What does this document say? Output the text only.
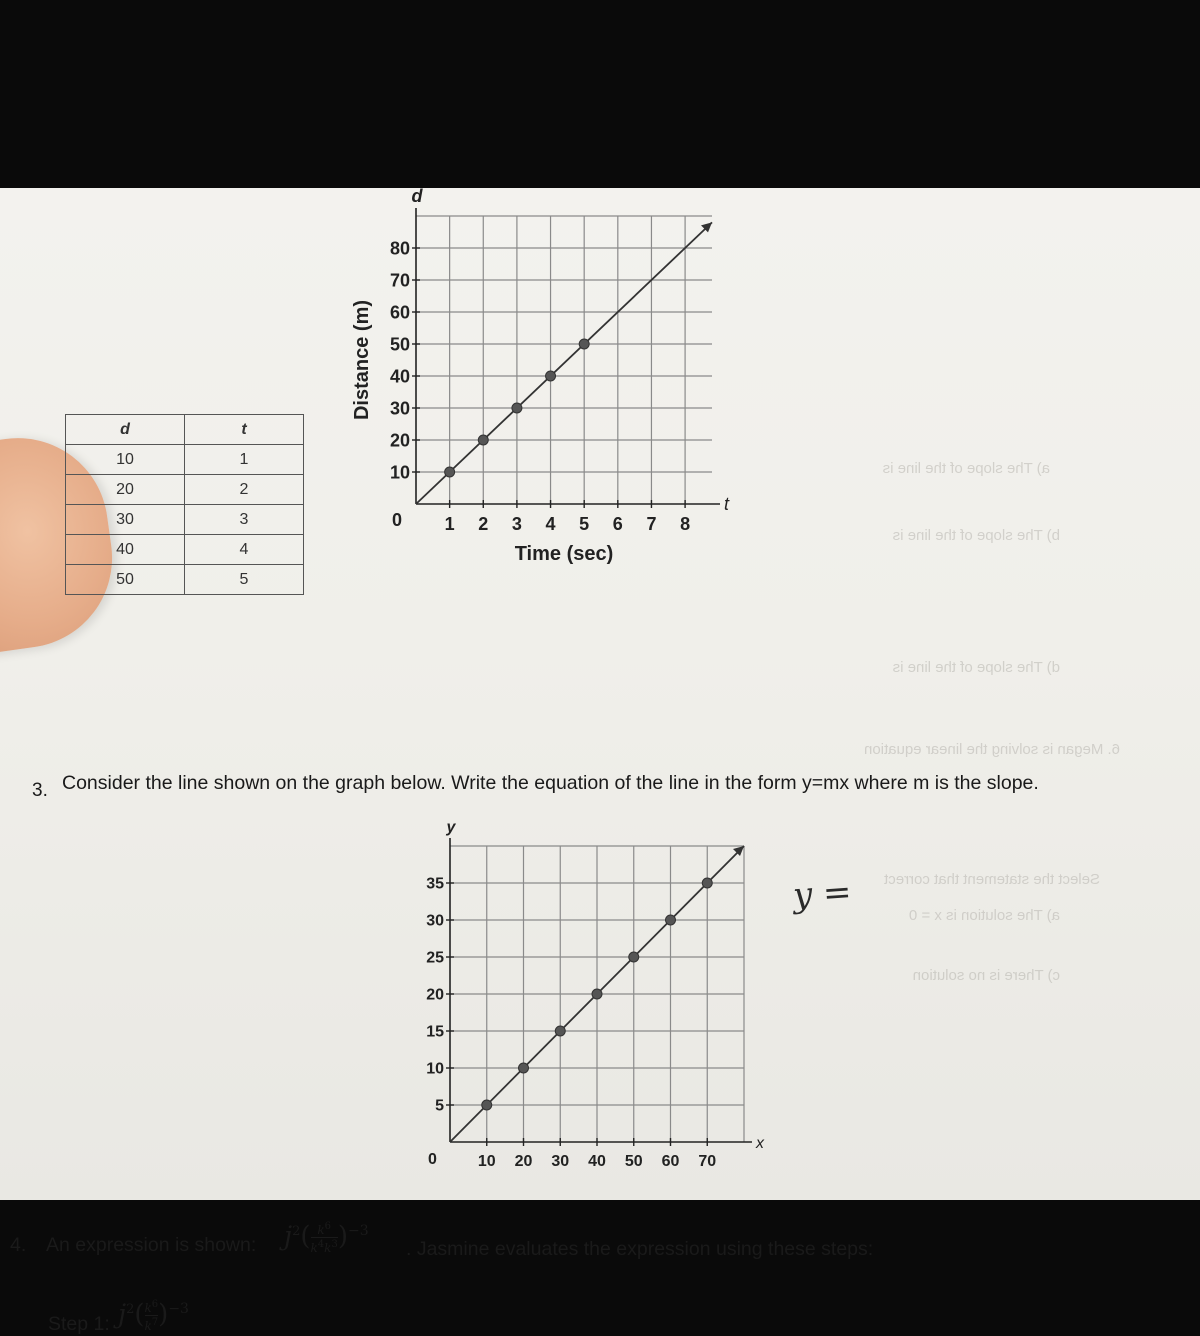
a) The slope of the line is
b) The slope of the line is
d) The slope of the line is
6. Megan is solving the linear equation
Select the statement that correct
a) The solution is x = 0
c) There is no solution
d	t
10	1
20	2
30	3
40	4
50	5
1 2 3 4 5 6 7 8
10
20
30
40
50
60
70
80
0
t
d
Time (sec)
Distance (m)
3. Consider the line shown on the graph below. Write the equation of the line in the form y=mx where m is the slope.
10 20 30 40 50 60 70
5
10
15
20
25
30
35
0
x
y
y =
4. An expression is shown: $j^2( \frac{k^6}{k^4k^3} )^{-3}$
. Jasmine evaluates the expression using these steps:
Step 1: $j^2( \frac{k^6}{k^7} )^{-3}$
